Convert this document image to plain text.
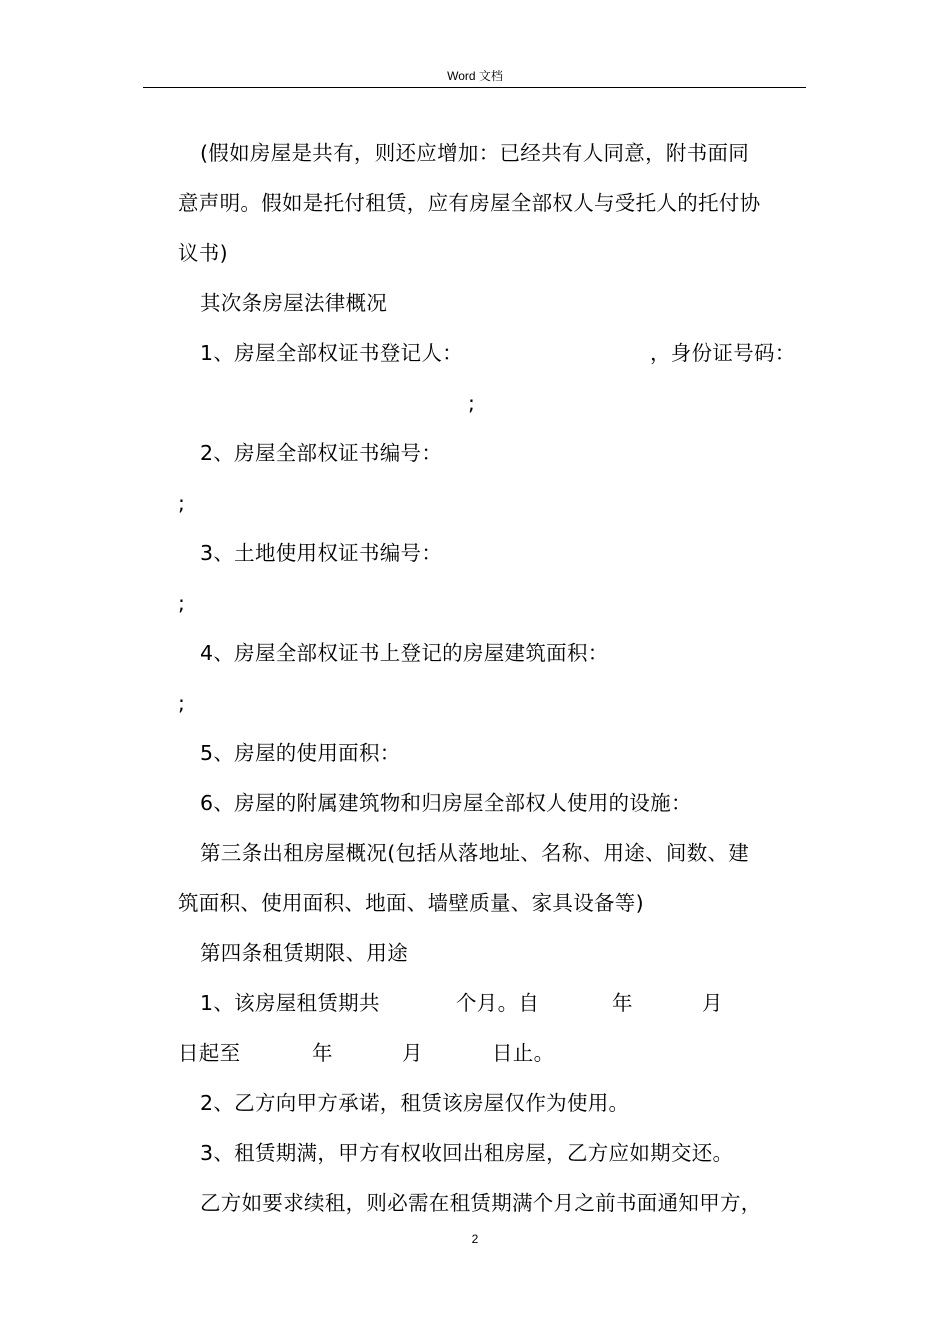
Word 文档
(假如房屋是共有，则还应增加：已经共有人同意，附书面同
意声明。假如是托付租赁，应有房屋全部权人与受托人的托付协
议书)
其次条房屋法律概况
1、房屋全部权证书登记人：	，身份证号码：
;
2、房屋全部权证书编号：
;
3、土地使用权证书编号：
;
4、房屋全部权证书上登记的房屋建筑面积：
;
5、房屋的使用面积：
6、房屋的附属建筑物和归房屋全部权人使用的设施：
第三条出租房屋概况(包括从落地址、名称、用途、间数、建
筑面积、使用面积、地面、墙壁质量、家具设备等)
第四条租赁期限、用途
1、该房屋租赁期共	个月。自	年	月
日起至	年	月	日止。
2、乙方向甲方承诺，租赁该房屋仅作为使用。
3、租赁期满，甲方有权收回出租房屋，乙方应如期交还。
乙方如要求续租，则必需在租赁期满个月之前书面通知甲方，
2
